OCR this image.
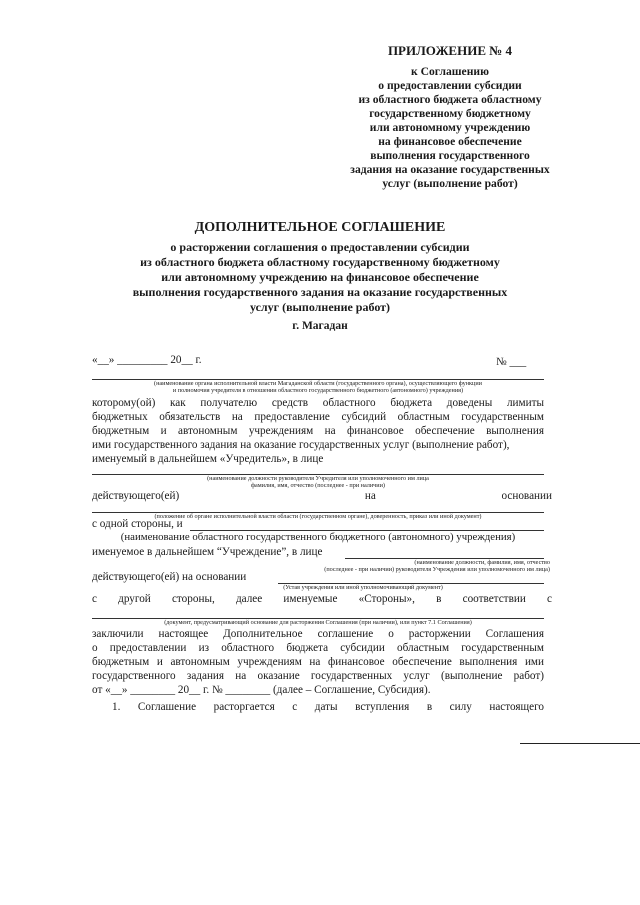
ПРИЛОЖЕНИЕ № 4
к Соглашению
о предоставлении субсидии
из областного бюджета областному
государственному бюджетному
или автономному учреждению
на финансовое обеспечение
выполнения государственного
задания на оказание государственных
услуг (выполнение работ)
ДОПОЛНИТЕЛЬНОЕ СОГЛАШЕНИЕ
о расторжении соглашения о предоставлении субсидии
из областного бюджета областному государственному бюджетному
или автономному учреждению на финансовое обеспечение
выполнения государственного задания на оказание государственных
услуг (выполнение работ)
г. Магадан
«__» _________ 20__ г.	№ ___
(наименование органа исполнительной власти Магаданской области (государственного органа), осуществляющего функции
и полномочия учредителя в отношении областного государственного бюджетного (автономного) учреждения)
которому(ой) как получателю средств областного бюджета доведены лимиты
бюджетных обязательств на предоставление субсидий областным государственным
бюджетным и автономным учреждениям на финансовое обеспечение выполнения
ими государственного задания на оказание государственных услуг (выполнение работ),
именуемый в дальнейшем «Учредитель», в лице
(наименование должности руководителя Учредителя или уполномоченного им лица
фамилия, имя, отчество (последнее - при наличии)
действующего(ей)	на	основании
(положение об органе исполнительной власти области (государственном органе), доверенность, приказ или иной документ)
с одной стороны, и
(наименование областного государственного бюджетного (автономного) учреждения)
именуемое в дальнейшем “Учреждение”, в лице
(наименование должности, фамилия, имя, отчество
(последнее - при наличии) руководителя Учреждения или уполномоченного им лица)
действующего(ей) на основании
(Устав учреждения или иной уполномочивающий документ)
с другой стороны, далее именуемые «Стороны», в соответствии с
(документ, предусматривающий основание для расторжения Соглашения (при наличии), или пункт 7.1 Соглашения)
заключили настоящее Дополнительное соглашение о расторжении Соглашения
о предоставлении из областного бюджета субсидии областным государственным
бюджетным и автономным учреждениям на финансовое обеспечение выполнения ими
государственного задания на оказание государственных услуг (выполнение работ)
от «__» ________ 20__ г. № ________ (далее – Соглашение, Субсидия).
1. Соглашение расторгается с даты вступления в силу настоящего
